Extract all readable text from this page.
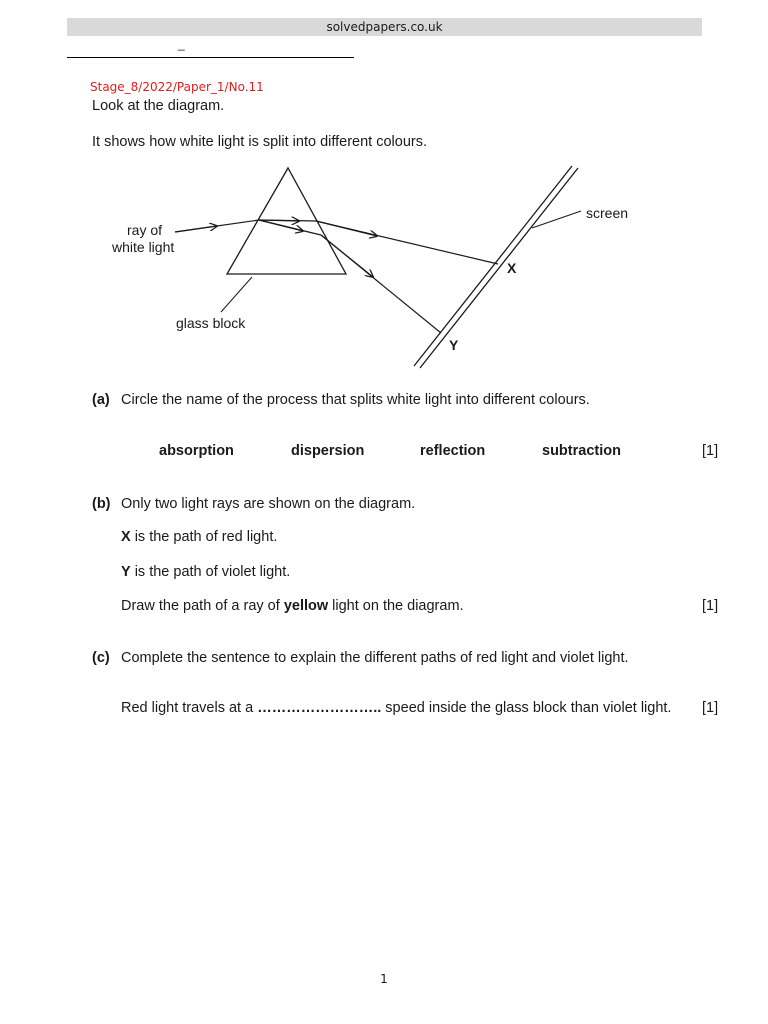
solvedpapers.co.uk
_
Stage_8/2022/Paper_1/No.11
Look at the diagram.
It shows how white light is split into different colours.
ray of
white light
glass block
screen
X
Y
(a) Circle the name of the process that splits white light into different colours.
absorption	dispersion	reflection	subtraction	[1]
(b) Only two light rays are shown on the diagram.
X is the path of red light.
Y is the path of violet light.
Draw the path of a ray of yellow light on the diagram.	[1]
(c) Complete the sentence to explain the different paths of red light and violet light.
Red light travels at a …………………….. speed inside the glass block than violet light. [1]
1
